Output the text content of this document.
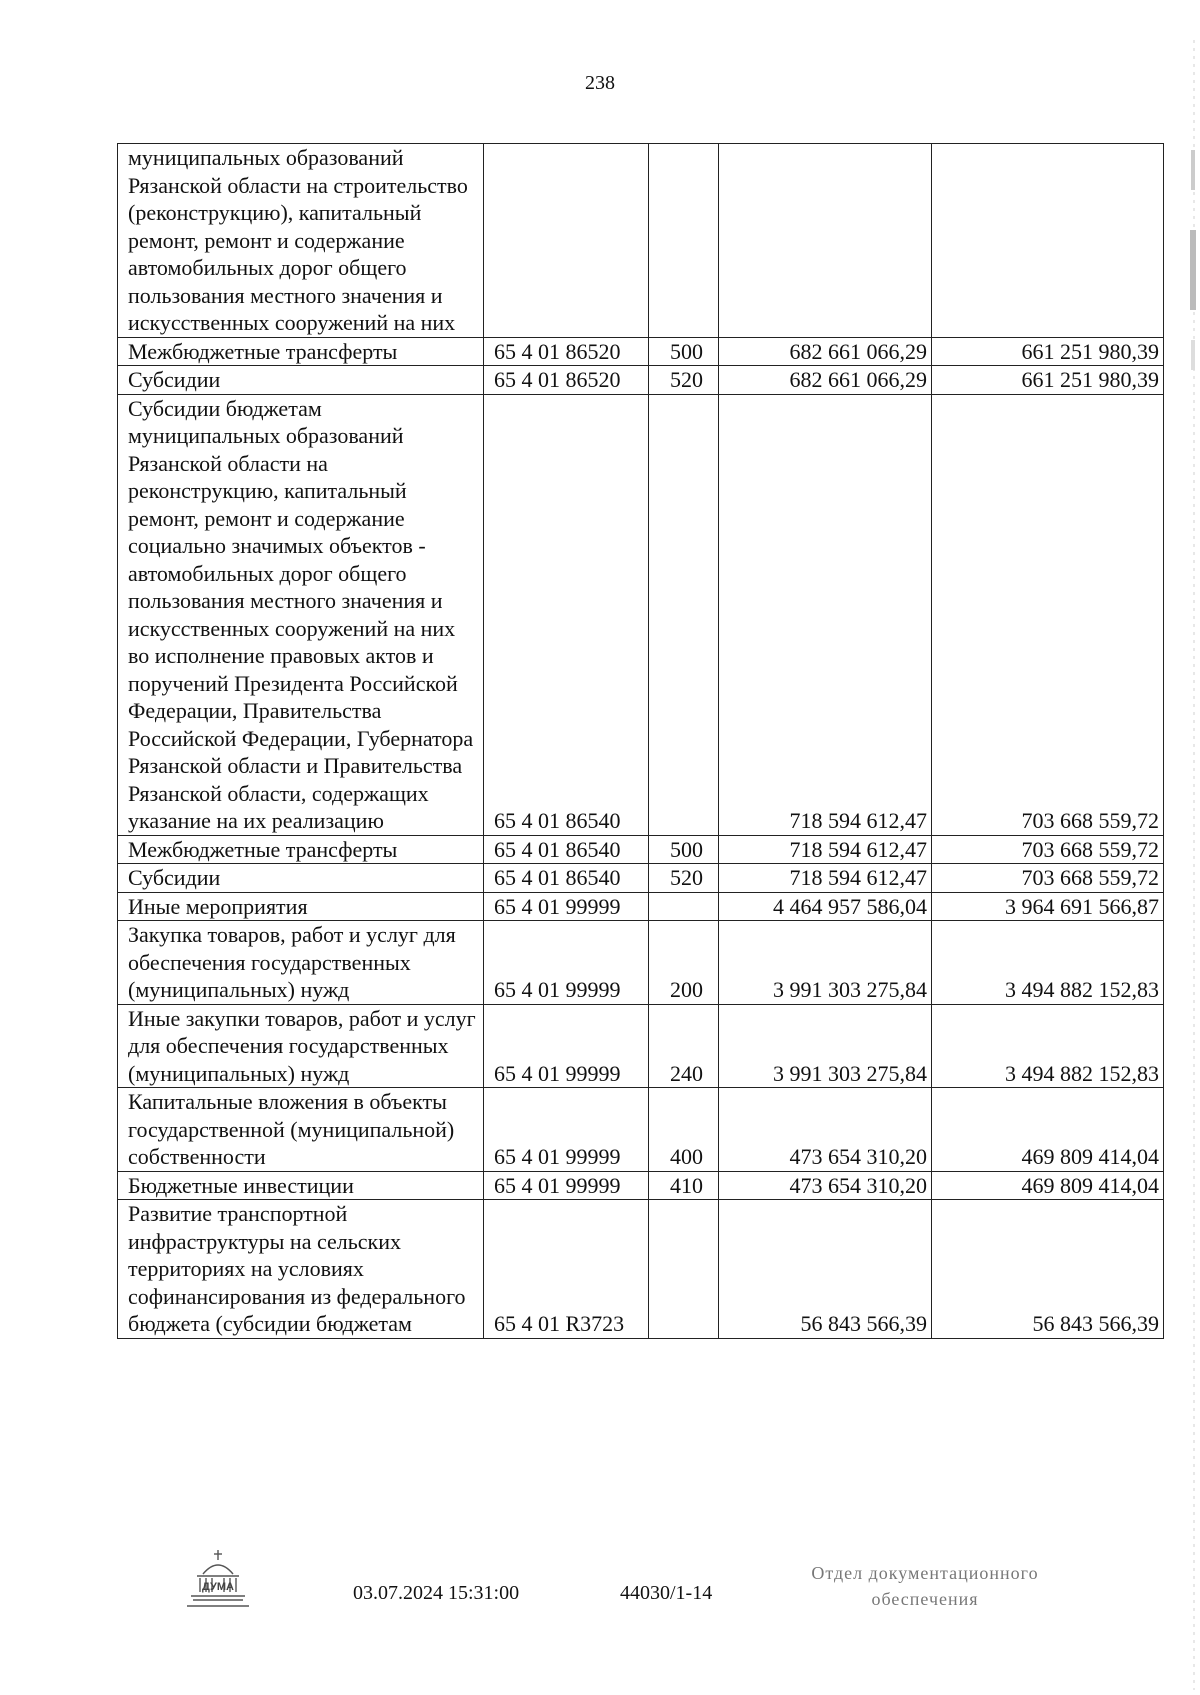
238
муниципальных образований Рязанской области на строительство (реконструкцию), капитальный ремонт, ремонт и содержание автомобильных дорог общего пользования местного значения и искусственных сооружений на них				
Межбюджетные трансферты	65 4 01 86520	500	682 661 066,29	661 251 980,39
Субсидии	65 4 01 86520	520	682 661 066,29	661 251 980,39
Субсидии бюджетам муниципальных образований Рязанской области на реконструкцию, капитальный ремонт, ремонт и содержание социально значимых объектов - автомобильных дорог общего пользования местного значения и искусственных сооружений на них во исполнение правовых актов и поручений Президента Российской Федерации, Правительства Российской Федерации, Губернатора Рязанской области и Правительства Рязанской области, содержащих указание на их реализацию	65 4 01 86540		718 594 612,47	703 668 559,72
Межбюджетные трансферты	65 4 01 86540	500	718 594 612,47	703 668 559,72
Субсидии	65 4 01 86540	520	718 594 612,47	703 668 559,72
Иные мероприятия	65 4 01 99999		4 464 957 586,04	3 964 691 566,87
Закупка товаров, работ и услуг для обеспечения государственных (муниципальных) нужд	65 4 01 99999	200	3 991 303 275,84	3 494 882 152,83
Иные закупки товаров, работ и услуг для обеспечения государственных (муниципальных) нужд	65 4 01 99999	240	3 991 303 275,84	3 494 882 152,83
Капитальные вложения в объекты государственной (муниципальной) собственности	65 4 01 99999	400	473 654 310,20	469 809 414,04
Бюджетные инвестиции	65 4 01 99999	410	473 654 310,20	469 809 414,04
Развитие транспортной инфраструктуры на сельских территориях на условиях софинансирования из федерального бюджета (субсидии бюджетам	65 4 01 R3723		56 843 566,39	56 843 566,39
ДУМА	03.07.2024 15:31:00	44030/1-14
Отдел документационного
обеспечения
